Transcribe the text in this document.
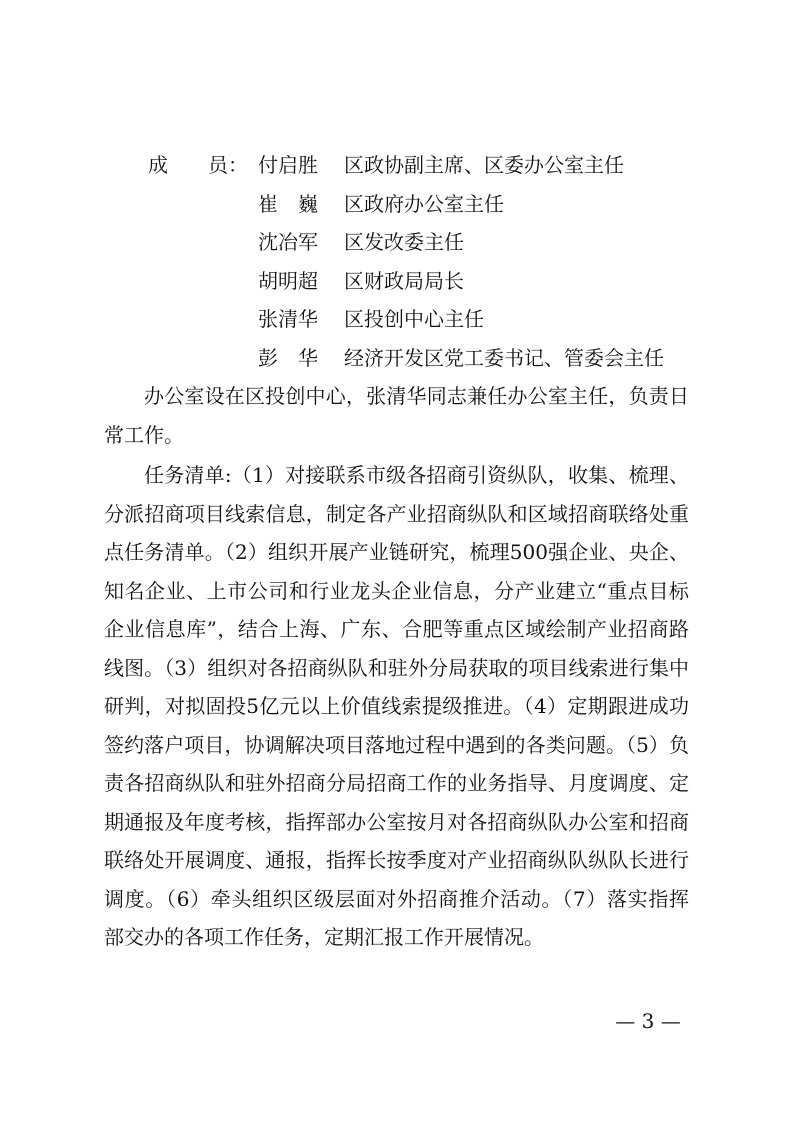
成　　员： 付启胜	区政协副主席、区委办公室主任
崔　巍	区政府办公室主任
沈冶军	区发改委主任
胡明超	区财政局局长
张清华	区投创中心主任
彭　华	经济开发区党工委书记、管委会主任

办公室设在区投创中心，张清华同志兼任办公室主任，负责日常工作。

任务清单:（1）对接联系市级各招商引资纵队，收集、梳理、分派招商项目线索信息，制定各产业招商纵队和区域招商联络处重点任务清单。（2）组织开展产业链研究，梳理500强企业、央企、知名企业、上市公司和行业龙头企业信息，分产业建立“重点目标企业信息库”，结合上海、广东、合肥等重点区域绘制产业招商路线图。（3）组织对各招商纵队和驻外分局获取的项目线索进行集中研判，对拟固投5亿元以上价值线索提级推进。（4）定期跟进成功签约落户项目，协调解决项目落地过程中遇到的各类问题。（5）负责各招商纵队和驻外招商分局招商工作的业务指导、月度调度、定期通报及年度考核，指挥部办公室按月对各招商纵队办公室和招商联络处开展调度、通报，指挥长按季度对产业招商纵队纵队长进行调度。（6）牵头组织区级层面对外招商推介活动。（7）落实指挥部交办的各项工作任务，定期汇报工作开展情况。

— 3 —
